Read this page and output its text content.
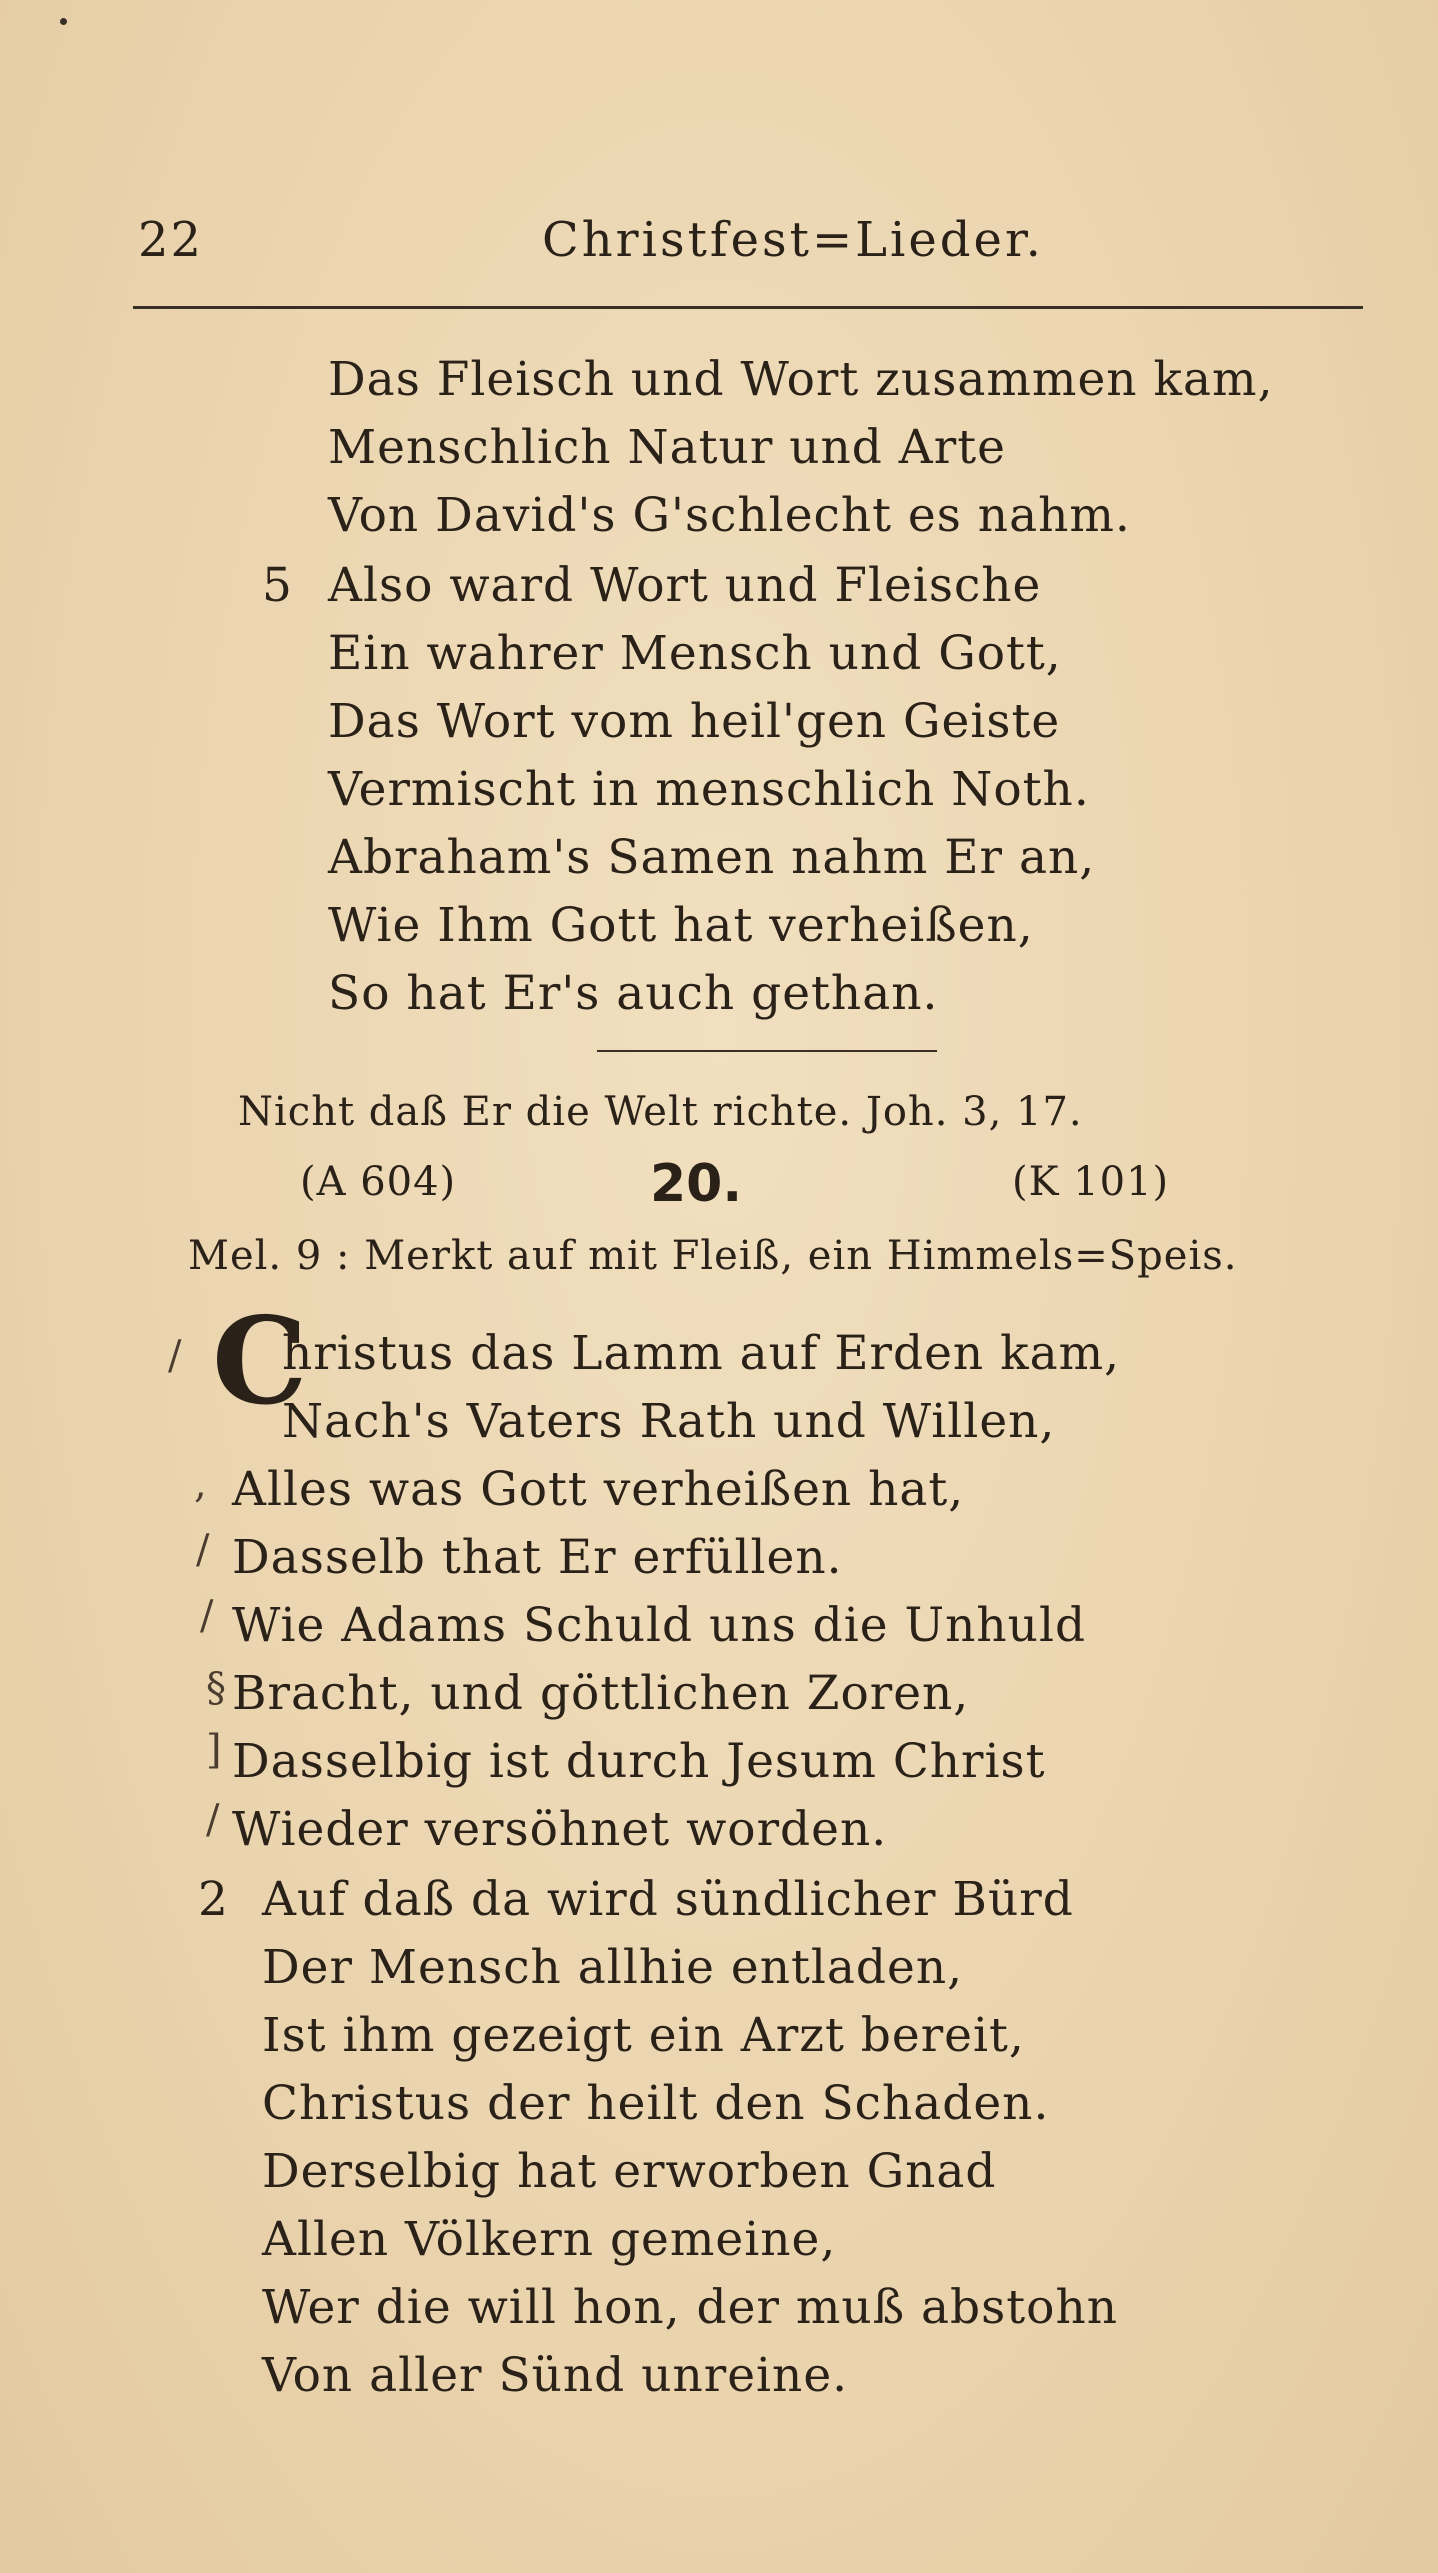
22	Christfest=Lieder.
Das Fleisch und Wort zusammen kam,
Menschlich Natur und Arte
Von David's G'schlecht es nahm.
5 Also ward Wort und Fleische
Ein wahrer Mensch und Gott,
Das Wort vom heil'gen Geiste
Vermischt in menschlich Noth.
Abraham's Samen nahm Er an,
Wie Ihm Gott hat verheißen,
So hat Er's auch gethan.
Nicht daß Er die Welt richte. Joh. 3, 17.
(A 604)	20.	(K 101)
Mel. 9 : Merkt auf mit Fleiß, ein Himmels=Speis.
/
,
/
/
§
]
/
C
hristus das Lamm auf Erden kam,
Nach's Vaters Rath und Willen,
Alles was Gott verheißen hat,
Dasselb that Er erfüllen.
Wie Adams Schuld uns die Unhuld
Bracht, und göttlichen Zoren,
Dasselbig ist durch Jesum Christ
Wieder versöhnet worden.
2 Auf daß da wird sündlicher Bürd
Der Mensch allhie entladen,
Ist ihm gezeigt ein Arzt bereit,
Christus der heilt den Schaden.
Derselbig hat erworben Gnad
Allen Völkern gemeine,
Wer die will hon, der muß abstohn
Von aller Sünd unreine.
